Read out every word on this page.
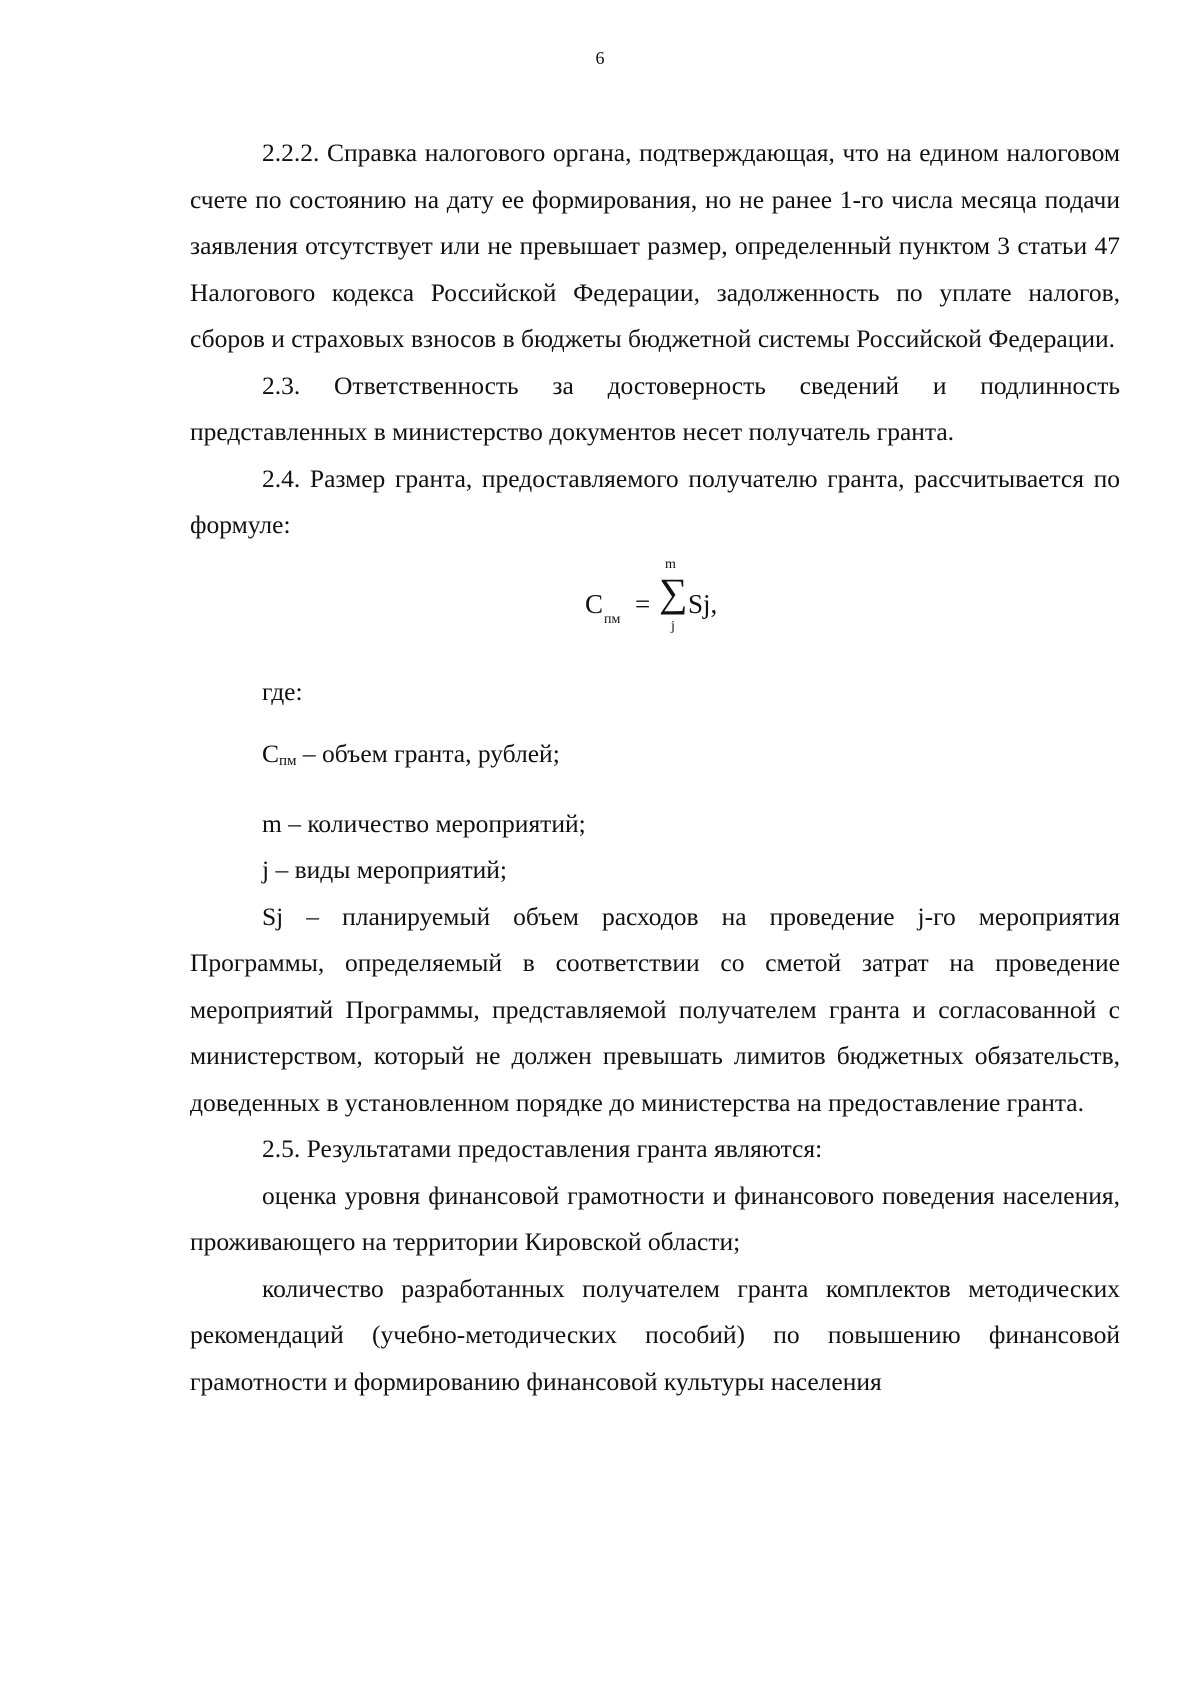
6

2.2.2. Справка налогового органа, подтверждающая, что на едином налоговом счете по состоянию на дату ее формирования, но не ранее 1-го числа месяца подачи заявления отсутствует или не превышает размер, определенный пунктом 3 статьи 47 Налогового кодекса Российской Федерации, задолженность по уплате налогов, сборов и страховых взносов в бюджеты бюджетной системы Российской Федерации.

2.3. Ответственность за достоверность сведений и подлинность представленных в министерство документов несет получатель гранта.

2.4. Размер гранта, предоставляемого получателю гранта, рассчитывается по формуле:

С
пм
= ∑
m
j
Sj,

где:

$С_{пм}$ – объем гранта, рублей;

m – количество мероприятий;

j – виды мероприятий;

Sj – планируемый объем расходов на проведение j-го мероприятия Программы, определяемый в соответствии со сметой затрат на проведение мероприятий Программы, представляемой получателем гранта и согласованной с министерством, который не должен превышать лимитов бюджетных обязательств, доведенных в установленном порядке до министерства на предоставление гранта.

2.5. Результатами предоставления гранта являются:

оценка уровня финансовой грамотности и финансового поведения населения, проживающего на территории Кировской области;

количество разработанных получателем гранта комплектов методических рекомендаций (учебно-методических пособий) по повышению финансовой грамотности и формированию финансовой культуры населения
